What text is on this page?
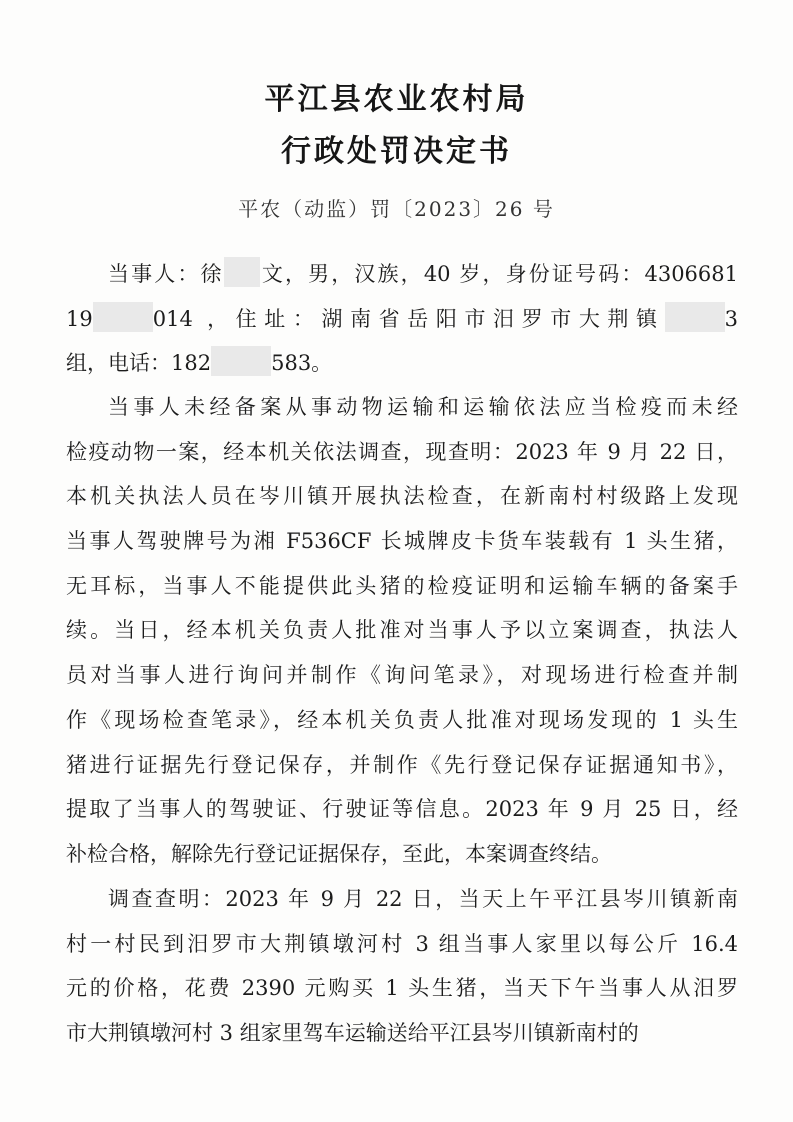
平江县农业农村局
行政处罚决定书
平农（动监）罚〔2023〕26 号
当事人：徐 文，男，汉族，40 岁，身份证号码：4306681
19	014 ，住址：湖南省岳阳市汨罗市大荆镇	3
组，电话：182	583。
当事人未经备案从事动物运输和运输依法应当检疫而未经
检疫动物一案，经本机关依法调查，现查明：2023 年 9 月 22 日，
本机关执法人员在岑川镇开展执法检查，在新南村村级路上发现
当事人驾驶牌号为湘 F536CF 长城牌皮卡货车装载有 1 头生猪，
无耳标，当事人不能提供此头猪的检疫证明和运输车辆的备案手
续。当日，经本机关负责人批准对当事人予以立案调查，执法人
员对当事人进行询问并制作《询问笔录》，对现场进行检查并制
作《现场检查笔录》，经本机关负责人批准对现场发现的 1 头生
猪进行证据先行登记保存，并制作《先行登记保存证据通知书》，
提取了当事人的驾驶证、行驶证等信息。2023 年 9 月 25 日，经
补检合格，解除先行登记证据保存，至此，本案调查终结。
调查查明：2023 年 9 月 22 日，当天上午平江县岑川镇新南
村一村民到汨罗市大荆镇墩河村 3 组当事人家里以每公斤 16.4
元的价格，花费 2390 元购买 1 头生猪，当天下午当事人从汨罗
市大荆镇墩河村 3 组家里驾车运输送给平江县岑川镇新南村的
